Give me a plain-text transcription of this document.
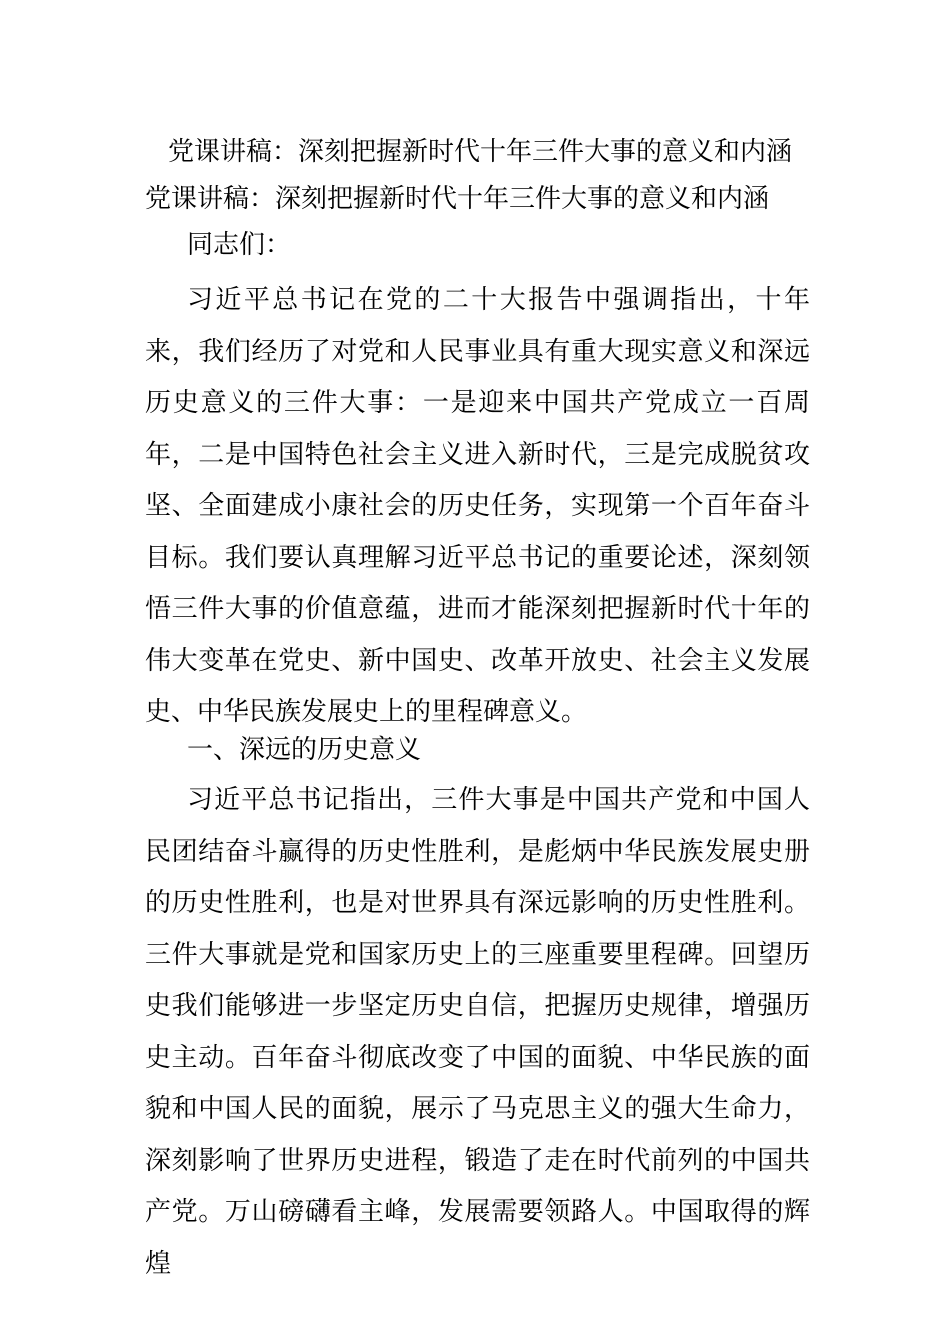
党课讲稿：深刻把握新时代十年三件大事的意义和内涵
党课讲稿：深刻把握新时代十年三件大事的意义和内涵
同志们：
习近平总书记在党的二十大报告中强调指出，十年来，我们经历了对党和人民事业具有重大现实意义和深远历史意义的三件大事：一是迎来中国共产党成立一百周年，二是中国特色社会主义进入新时代，三是完成脱贫攻坚、全面建成小康社会的历史任务，实现第一个百年奋斗目标。我们要认真理解习近平总书记的重要论述，深刻领悟三件大事的价值意蕴，进而才能深刻把握新时代十年的伟大变革在党史、新中国史、改革开放史、社会主义发展史、中华民族发展史上的里程碑意义。
一、深远的历史意义
习近平总书记指出，三件大事是中国共产党和中国人民团结奋斗赢得的历史性胜利，是彪炳中华民族发展史册的历史性胜利，也是对世界具有深远影响的历史性胜利。三件大事就是党和国家历史上的三座重要里程碑。回望历史我们能够进一步坚定历史自信，把握历史规律，增强历史主动。百年奋斗彻底改变了中国的面貌、中华民族的面貌和中国人民的面貌，展示了马克思主义的强大生命力，深刻影响了世界历史进程，锻造了走在时代前列的中国共产党。万山磅礴看主峰，发展需要领路人。中国取得的辉煌
